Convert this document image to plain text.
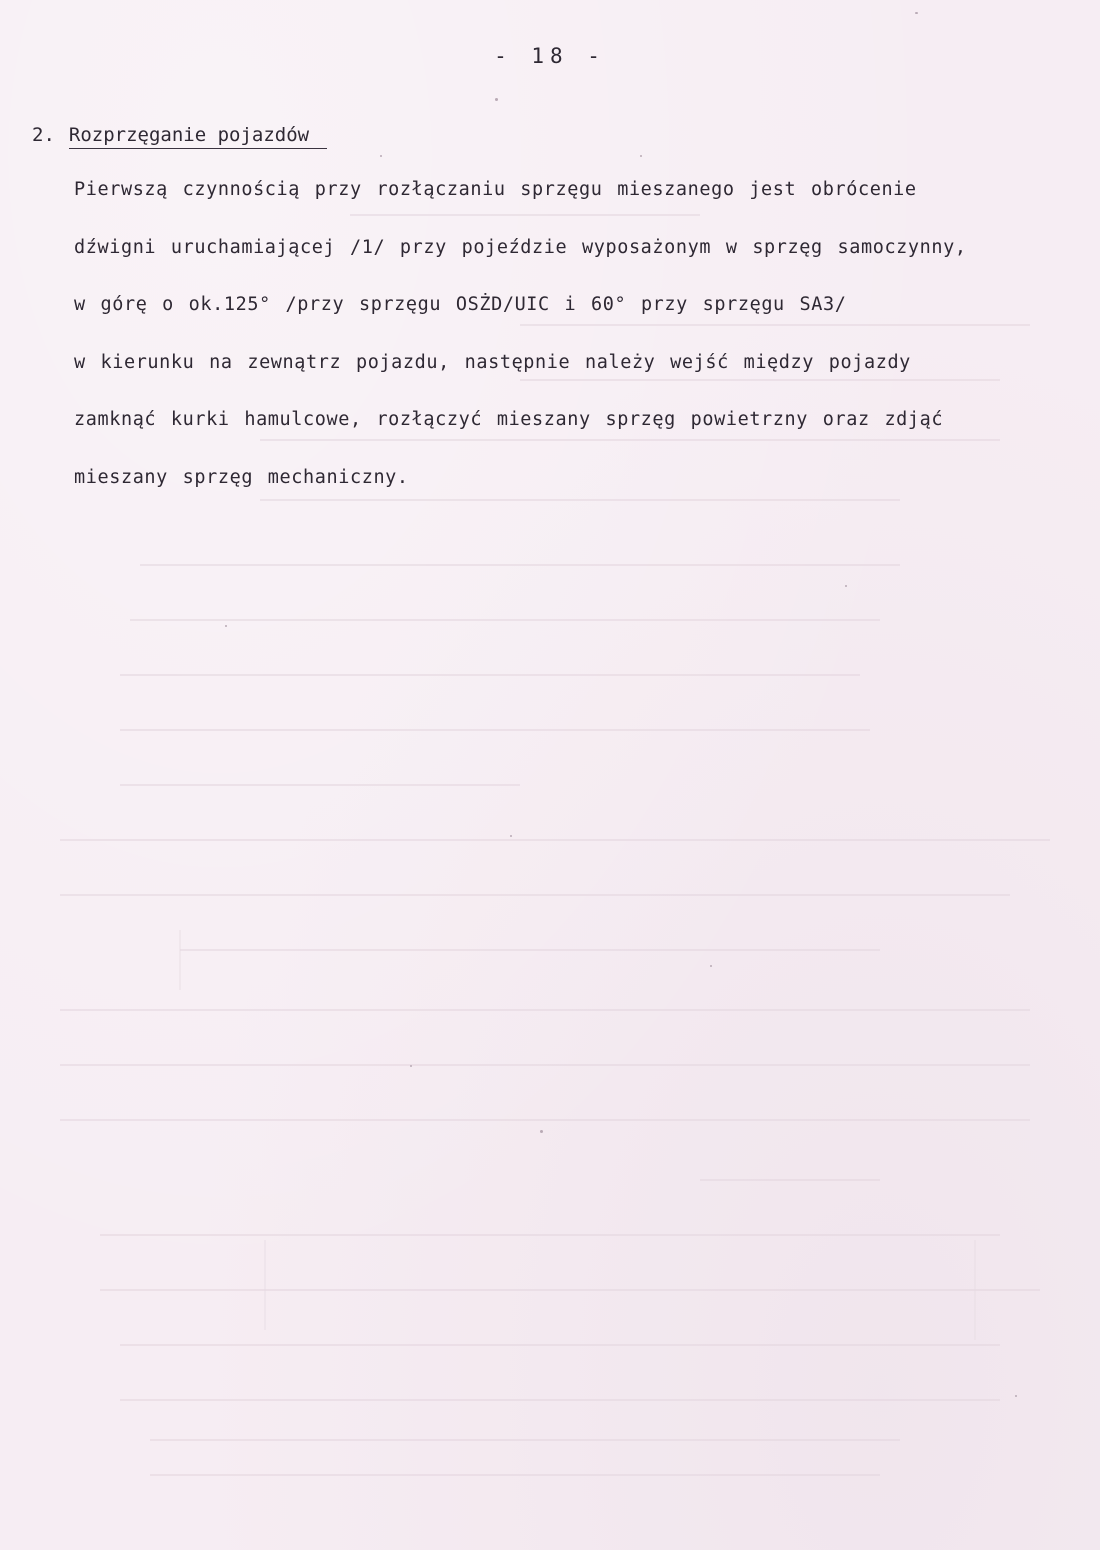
- 18 -
2. Rozprzęganie pojazdów
Pierwszą czynnością przy rozłączaniu sprzęgu mieszanego jest obrócenie
dźwigni uruchamiającej /1/ przy pojeździe wyposażonym w sprzęg samoczynny,
w górę o ok.125° /przy sprzęgu OSŻD/UIC i 60° przy sprzęgu SA3/
w kierunku na zewnątrz pojazdu, następnie należy wejść między pojazdy
zamknąć kurki hamulcowe, rozłączyć mieszany sprzęg powietrzny oraz zdjąć
mieszany sprzęg mechaniczny.
